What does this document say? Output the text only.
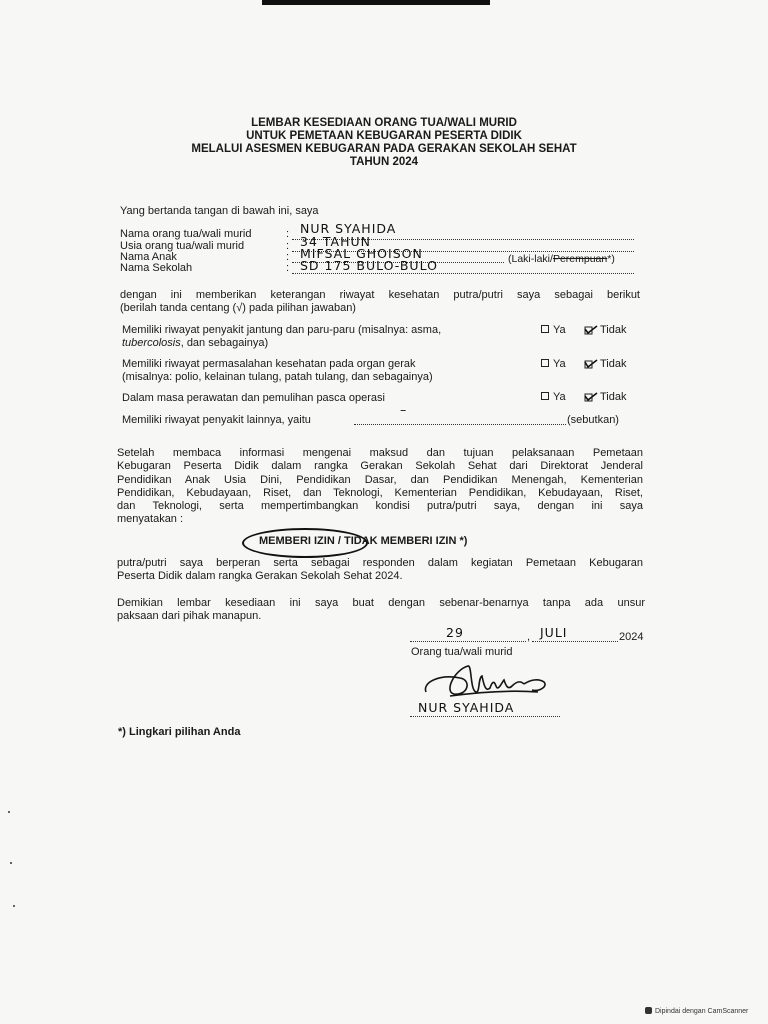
LEMBAR KESEDIAAN ORANG TUA/WALI MURID
UNTUK PEMETAAN KEBUGARAN PESERTA DIDIK
MELALUI ASESMEN KEBUGARAN PADA GERAKAN SEKOLAH SEHAT
TAHUN 2024
Yang bertanda tangan di bawah ini, saya
Nama orang tua/wali murid	: NUR SYAHIDA
Usia orang tua/wali murid	: 34 TAHUN
Nama Anak	: MIFSAL GHOISON	(Laki-laki/Perempuan*)
Nama Sekolah	: SD 175 BULO-BULO
dengan ini memberikan keterangan riwayat kesehatan putra/putri saya sebagai berikut
(berilah tanda centang (√) pada pilihan jawaban)
Memiliki riwayat penyakit jantung dan paru-paru (misalnya: asma,
tubercolosis, dan sebagainya)
Ya	Tidak
Memiliki riwayat permasalahan kesehatan pada organ gerak
(misalnya: polio, kelainan tulang, patah tulang, dan sebagainya)
Ya	Tidak
Dalam masa perawatan dan pemulihan pasca operasi	Ya	Tidak
Memiliki riwayat penyakit lainnya, yaitu
–
(sebutkan)
Setelah membaca informasi mengenai maksud dan tujuan pelaksanaan Pemetaan
Kebugaran Peserta Didik dalam rangka Gerakan Sekolah Sehat dari Direktorat Jenderal
Pendidikan Anak Usia Dini, Pendidikan Dasar, dan Pendidikan Menengah, Kementerian
Pendidikan, Kebudayaan, Riset, dan Teknologi, Kementerian Pendidikan, Kebudayaan, Riset,
dan Teknologi, serta mempertimbangkan kondisi putra/putri saya, dengan ini saya
menyatakan :
MEMBERI IZIN / TIDAK MEMBERI IZIN *)
putra/putri saya berperan serta sebagai responden dalam kegiatan Pemetaan Kebugaran
Peserta Didik dalam rangka Gerakan Sekolah Sehat 2024.
Demikian lembar kesediaan ini saya buat dengan sebenar-benarnya tanpa ada unsur
paksaan dari pihak manapun.
29	, JULI	2024
Orang tua/wali murid
NUR SYAHIDA
*) Lingkari pilihan Anda
Dipindai dengan CamScanner
